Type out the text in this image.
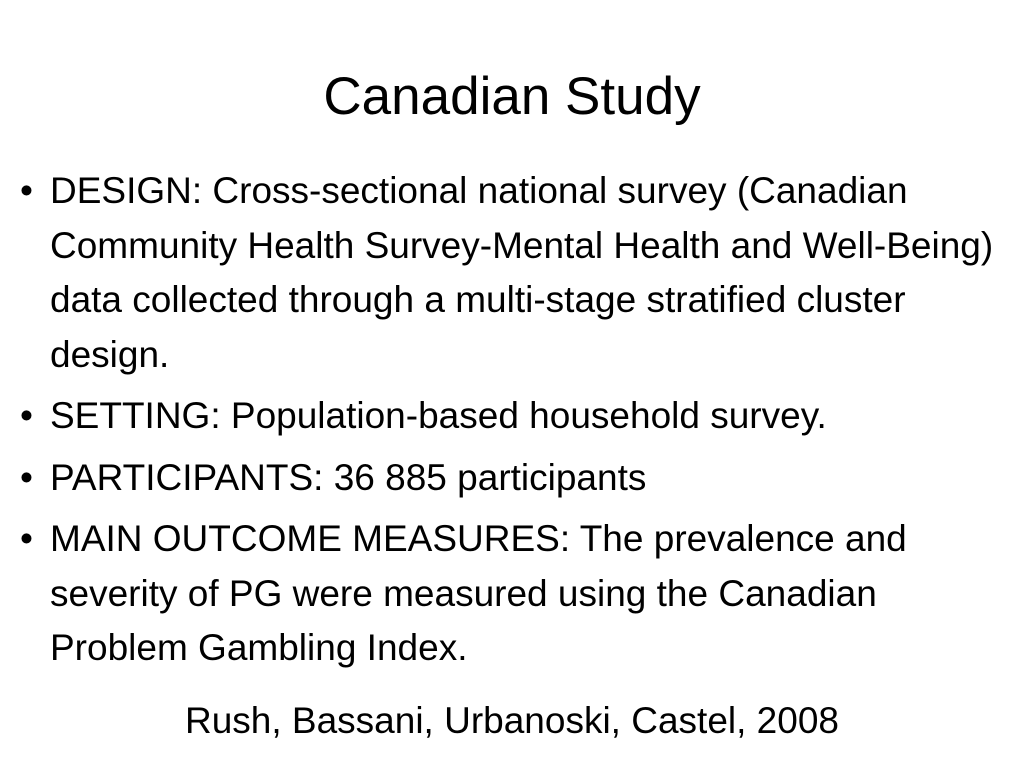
Canadian Study
• DESIGN: Cross-sectional national survey (Canadian Community Health Survey-Mental Health and Well-Being) data collected through a multi-stage stratified cluster design.
• SETTING: Population-based household survey.
• PARTICIPANTS: 36 885 participants
• MAIN OUTCOME MEASURES: The prevalence and severity of PG were measured using the Canadian Problem Gambling Index.
Rush, Bassani, Urbanoski, Castel, 2008
